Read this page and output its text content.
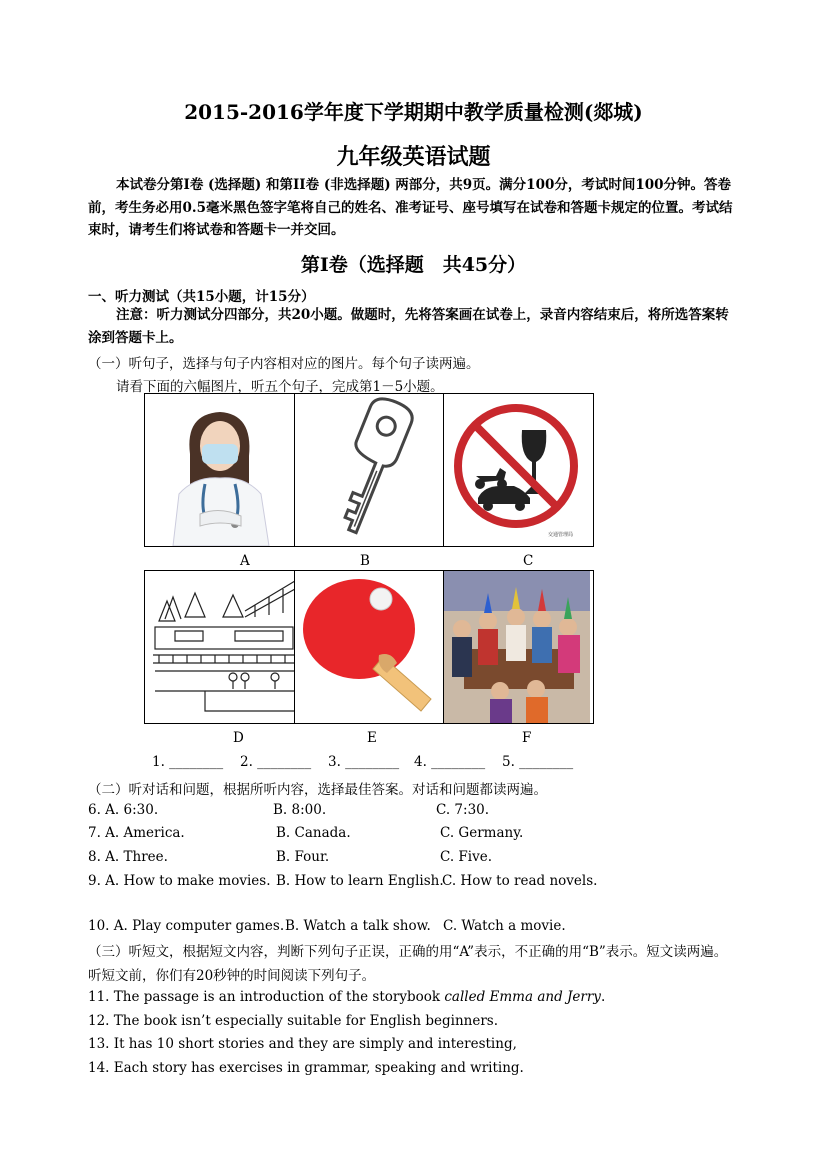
2015-2016学年度下学期期中教学质量检测(郯城)
九年级英语试题
本试卷分第I卷 (选择题) 和第II卷 (非选择题) 两部分，共9页。满分100分，考试时间100分钟。答卷前，考生务必用0.5毫米黑色签字笔将自己的姓名、准考证号、座号填写在试卷和答题卡规定的位置。考试结束时，请考生们将试卷和答题卡一并交回。
第Ⅰ卷（选择题　共45分）
一、听力测试（共15小题，计15分）
注意：听力测试分四部分，共20小题。做题时，先将答案画在试卷上，录音内容结束后，将所选答案转涂到答题卡上。
（一）听句子，选择与句子内容相对应的图片。每个句子读两遍。
请看下面的六幅图片，听五个句子，完成第1－5小题。
交通管理局
A	B	C
D	E	F
1. ________ 2. ________ 3. ________ 4. ________ 5. ________
（二）听对话和问题，根据所听内容，选择最佳答案。对话和问题都读两遍。
6. A. 6:30.	B. 8:00.	C. 7:30.
7. A. America.	B. Canada.	C. Germany.
8. A. Three.	B. Four.	C. Five.
9. A. How to make movies. B. How to learn English.
C. How to read novels.
10. A. Play computer games. B. Watch a talk show. C. Watch a movie.
（三）听短文，根据短文内容，判断下列句子正误，正确的用“A”表示，不正确的用“B”表示。短文读两遍。听短文前，你们有20秒钟的时间阅读下列句子。
11. The passage is an introduction of the storybook called Emma and Jerry.
12. The book isn’t especially suitable for English beginners.
13. It has 10 short stories and they are simply and interesting,
14. Each story has exercises in grammar, speaking and writing.
